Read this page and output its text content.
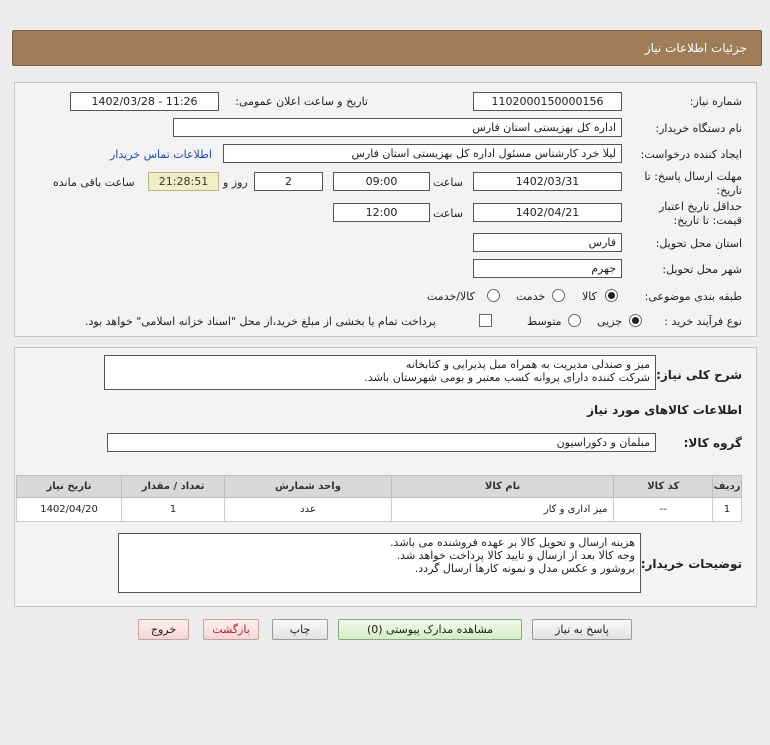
جزئیات اطلاعات نیاز
شماره نیاز:
1102000150000156
تاریخ و ساعت اعلان عمومی:
1402/03/28 - 11:26
نام دستگاه خریدار:
اداره کل بهزیستی استان فارس
ایجاد کننده درخواست:
لیلا خرد کارشناس مسئول اداره کل بهزیستی استان فارس
اطلاعات تماس خریدار
مهلت ارسال پاسخ: تا تاریخ:
1402/03/31
ساعت
09:00
2
روز و
21:28:51
ساعت باقی مانده
حداقل تاریخ اعتبار قیمت: تا تاریخ:
1402/04/21
ساعت
12:00
استان محل تحویل:
فارس
شهر محل تحویل:
جهرم
طبقه بندی موضوعی:
کالا
خدمت
کالا/خدمت
نوع فرآیند خرید :
جزیی
متوسط
پرداخت تمام یا بخشی از مبلغ خرید،از محل "اسناد خزانه اسلامی" خواهد بود.
شرح کلی نیاز:
میز و صندلی مدیریت به همراه مبل پذیرایی و کتابخانه
شرکت کننده دارای پروانه کسب معتبر و بومی شهرستان باشد.
اطلاعات کالاهای مورد نیاز
گروه کالا:
مبلمان و دکوراسیون
ردیف	کد کالا	نام کالا	واحد شمارش	تعداد / مقدار	تاریخ نیاز
1	--	میز اداری و کار	عدد	1	1402/04/20
توضیحات خریدار:
هزینه ارسال و تحویل کالا بر عهده فروشنده می باشد.
وجه کالا بعد از ارسال و تایید کالا پرداخت خواهد شد.
بروشور و عکس مدل و نمونه کارها ارسال گردد.
پاسخ به نیاز
مشاهده مدارک پیوستی (0)
چاپ
بازگشت
خروج
